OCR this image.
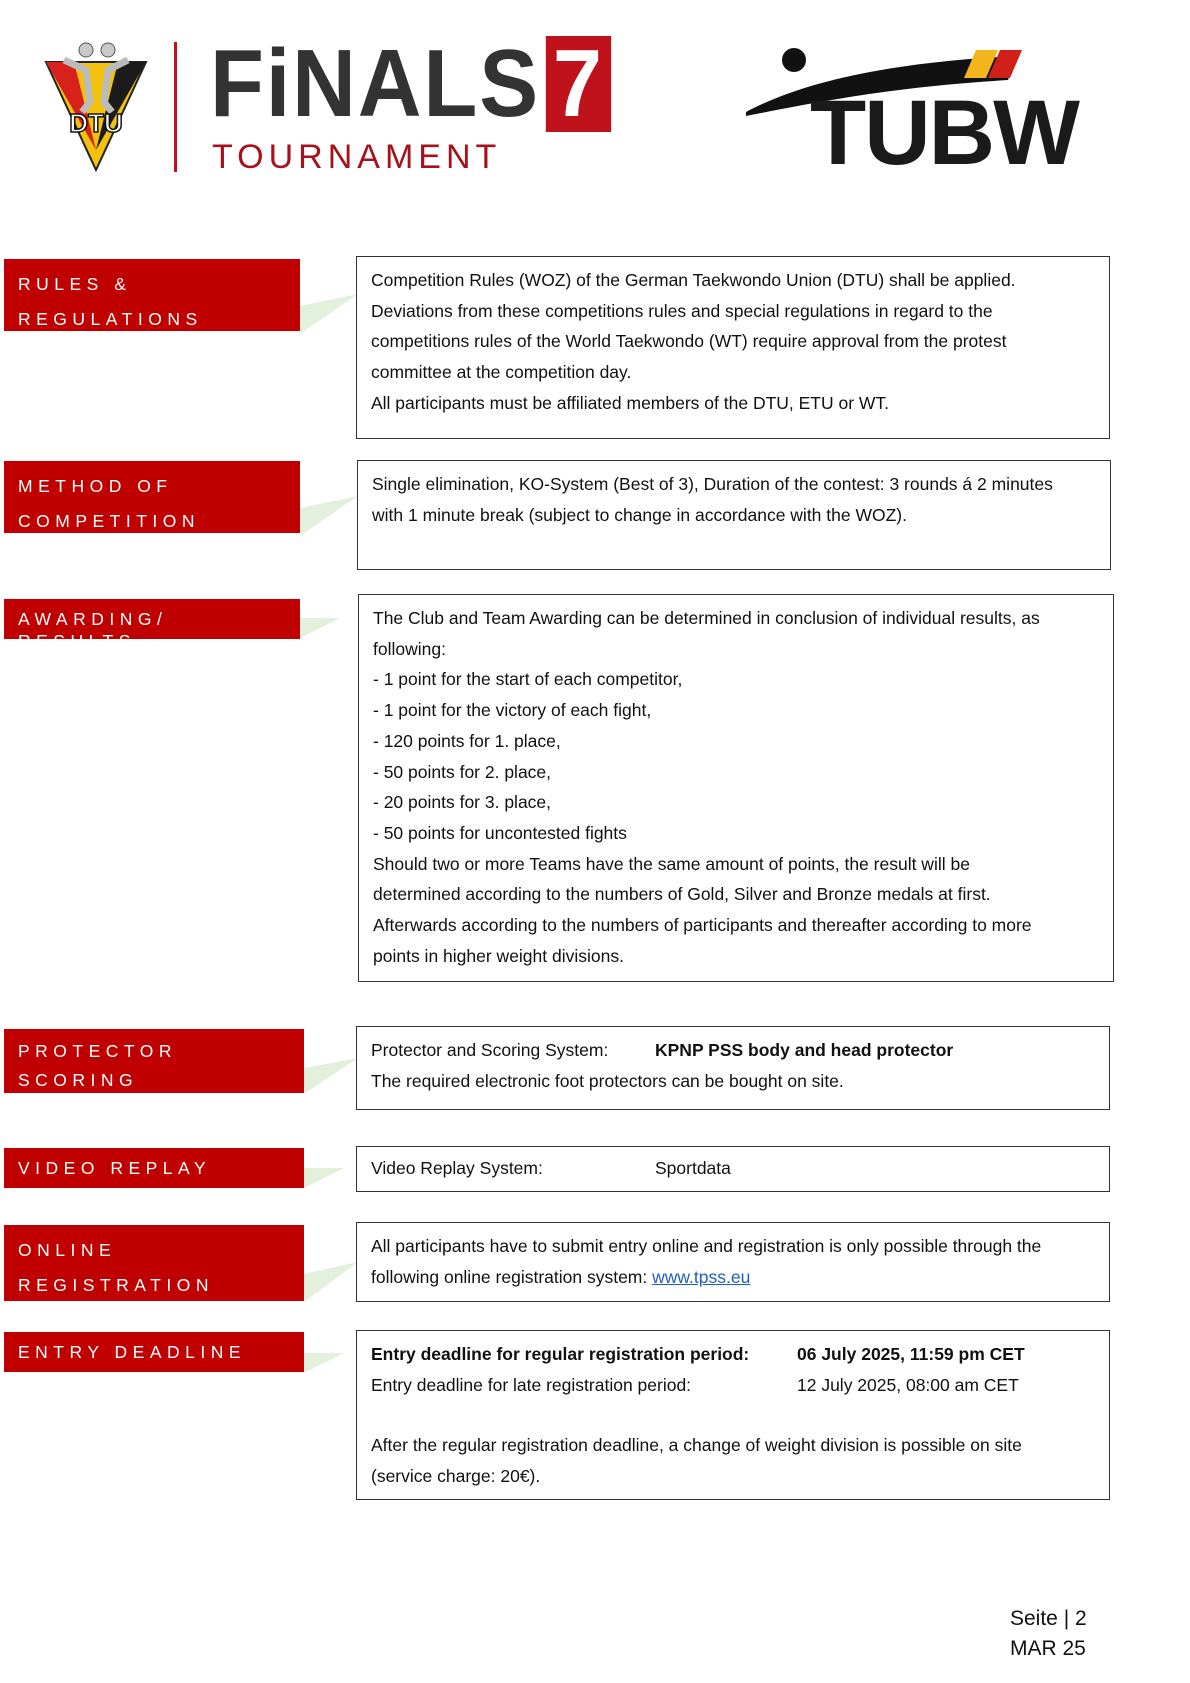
DTU FiNALS 7
TOURNAMENT	TUBW
RULES &
REGULATIONS

Competition Rules (WOZ) of the German Taekwondo Union (DTU) shall be applied.

Deviations from these competitions rules and special regulations in regard to the

competitions rules of the World Taekwondo (WT) require approval from the protest

committee at the competition day.

All participants must be affiliated members of the DTU, ETU or WT.

METHOD OF
COMPETITION

Single elimination, KO-System (Best of 3), Duration of the contest: 3 rounds á 2 minutes

with 1 minute break (subject to change in accordance with the WOZ).

AWARDING/ RESULTS

The Club and Team Awarding can be determined in conclusion of individual results, as

following:

- 1 point for the start of each competitor,

- 1 point for the victory of each fight,

- 120 points for 1. place,

- 50 points for 2. place,

- 20 points for 3. place,

- 50 points for uncontested fights

Should two or more Teams have the same amount of points, the result will be

determined according to the numbers of Gold, Silver and Bronze medals at first.

Afterwards according to the numbers of participants and thereafter according to more

points in higher weight divisions.

PROTECTOR SCORING
SYSTEM
Protector and Scoring System:	KPNP PSS body and head protector

The required electronic foot protectors can be bought on site.

VIDEO REPLAY	Video Replay System:	Sportdata
ONLINE
REGISTRATION

All participants have to submit entry online and registration is only possible through the

following online registration system: www.tpss.eu

ENTRY DEADLINE	Entry deadline for regular registration period:	06 July 2025, 11:59 pm CET
Entry deadline for late registration period:	12 July 2025, 08:00 am CET

After the regular registration deadline, a change of weight division is possible on site

(service charge: 20€).

Seite | 2
MAR 25
